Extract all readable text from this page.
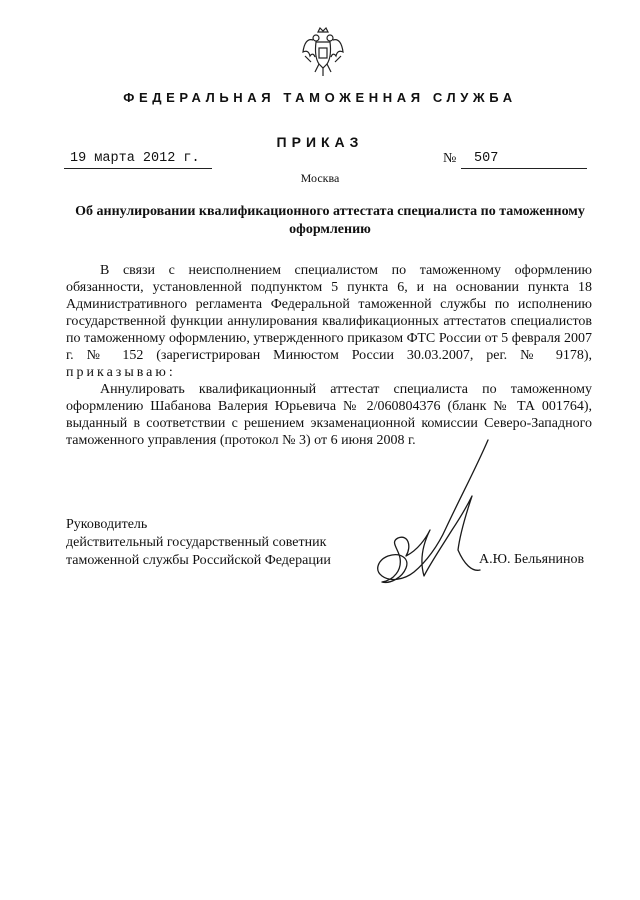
ФЕДЕРАЛЬНАЯ ТАМОЖЕННАЯ СЛУЖБА
ПРИКАЗ
19 марта 2012 г.	№ 507
Москва
Об аннулировании квалификационного аттестата специалиста по таможенному оформлению

В связи с неисполнением специалистом по таможенному оформлению обязанности, установленной подпунктом 5 пункта 6, и на основании пункта 18 Административного регламента Федеральной таможенной службы по исполнению государственной функции аннулирования квалификационных аттестатов специалистов по таможенному оформлению, утвержденного приказом ФТС России от 5 февраля 2007 г. № 152 (зарегистрирован Минюстом России 30.03.2007, рег. № 9178), приказываю:

Аннулировать квалификационный аттестат специалиста по таможенному оформлению Шабанова Валерия Юрьевича № 2/060804376 (бланк № ТА 001764), выданный в соответствии с решением экзаменационной комиссии Северо-Западного таможенного управления (протокол № 3) от 6 июня 2008 г.

Руководитель
действительный государственный советник
таможенной службы Российской Федерации	А.Ю. Бельянинов
